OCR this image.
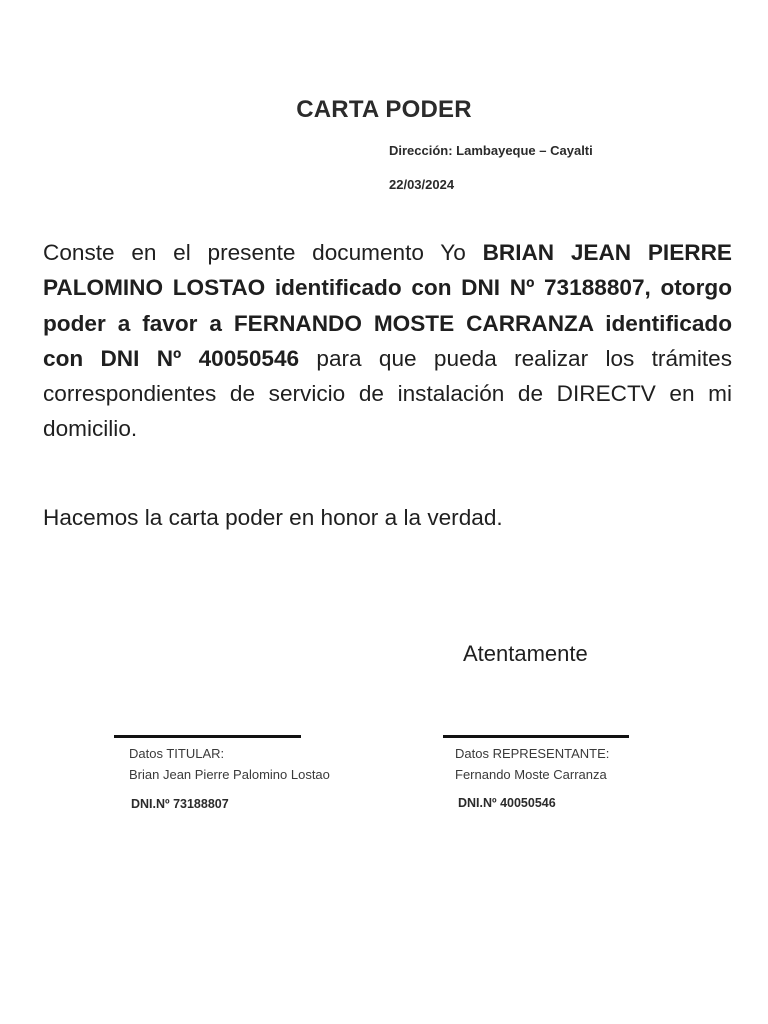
CARTA PODER
Dirección: Lambayeque – Cayalti
22/03/2024
Conste en el presente documento Yo BRIAN JEAN PIERRE PALOMINO LOSTAO identificado con DNI Nº 73188807, otorgo poder a favor a FERNANDO MOSTE CARRANZA identificado con DNI Nº 40050546 para que pueda realizar los trámites correspondientes de servicio de instalación de DIRECTV en mi domicilio.
Hacemos la carta poder en honor a la verdad.
Atentamente
Datos TITULAR:
Brian Jean Pierre Palomino Lostao
DNI.Nº 73188807
Datos REPRESENTANTE:
Fernando Moste Carranza
DNI.Nº 40050546
